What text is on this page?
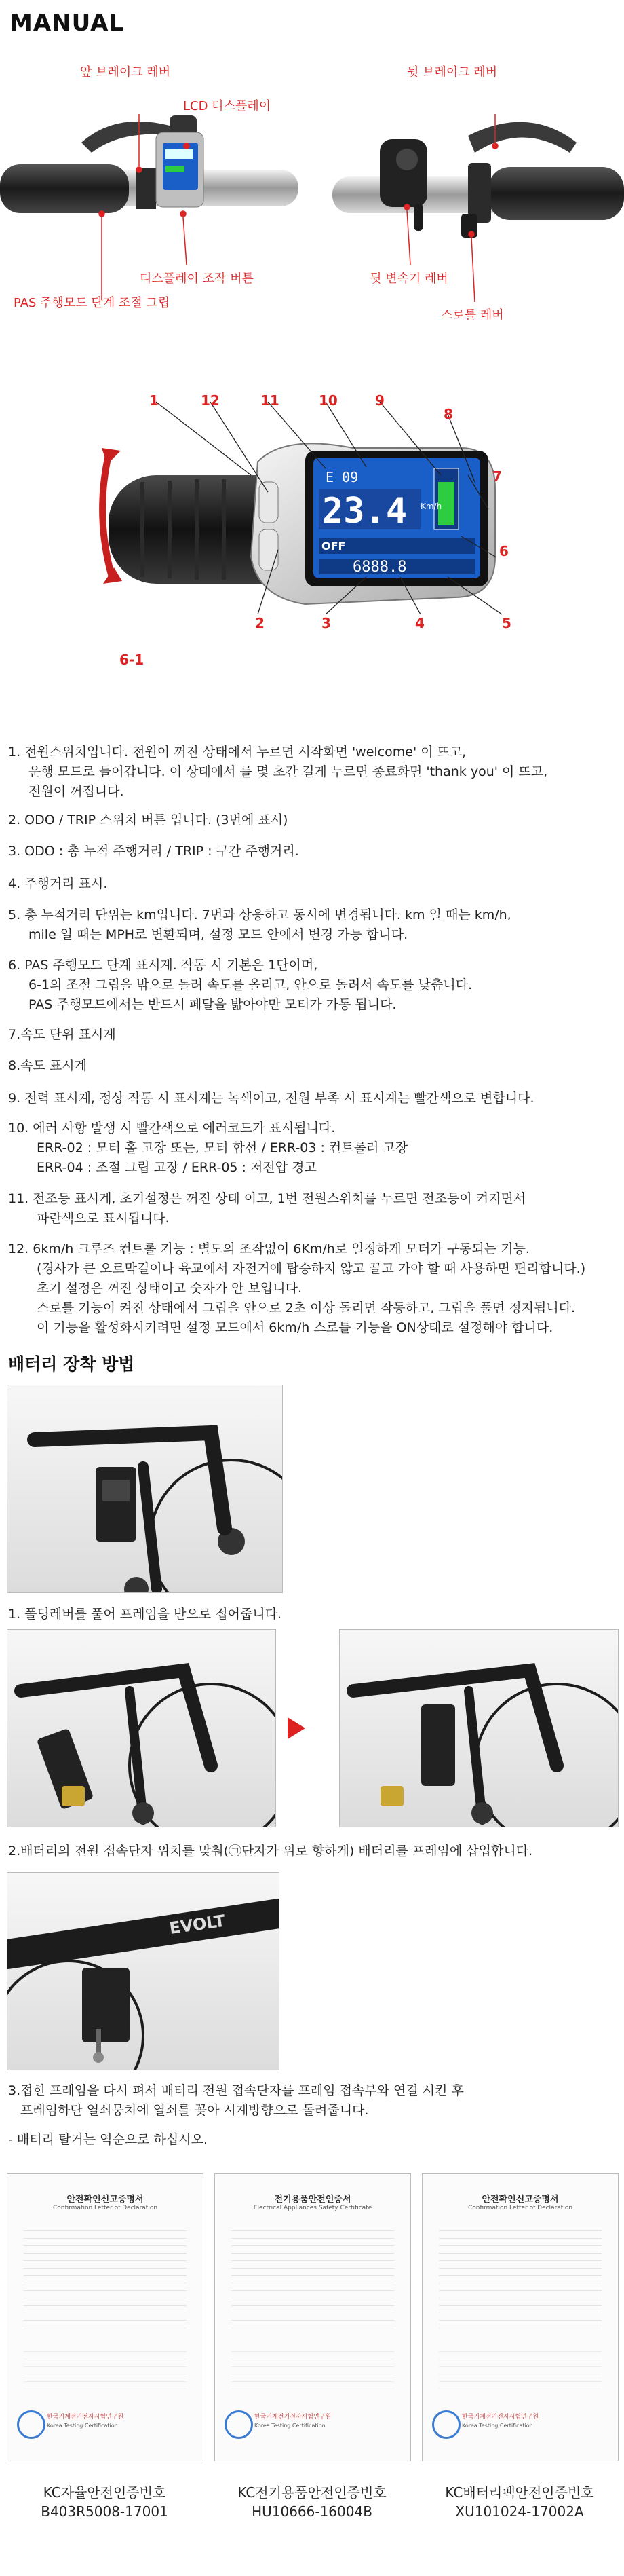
MANUAL
앞 브레이크 레버	뒷 브레이크 레버
LCD 디스플레이
디스플레이 조작 버튼
PAS 주행모드 단계 조절 그립
뒷 변속기 레버
스로틀 레버
E 09
23.4 Km/h
OFF
6888.8
1	12	11	10	9
8
7
6
5
4
3
2
6-1
1. 전원스위치입니다. 전원이 꺼진 상태에서 누르면 시작화면 'welcome' 이 뜨고,
운행 모드로 들어갑니다. 이 상태에서 를 몇 초간 길게 누르면 종료화면 'thank you' 이 뜨고,
전원이 꺼집니다.
2. ODO / TRIP 스위치 버튼 입니다. (3번에 표시)
3. ODO : 총 누적 주행거리 / TRIP : 구간 주행거리.
4. 주행거리 표시.
5. 총 누적거리 단위는 km입니다. 7번과 상응하고 동시에 변경됩니다. km 일 때는 km/h,
mile 일 때는 MPH로 변환되며, 설정 모드 안에서 변경 가능 합니다.
6. PAS 주행모드 단계 표시계. 작동 시 기본은 1단이며,
6-1의 조절 그립을 밖으로 돌려 속도를 올리고, 안으로 돌려서 속도를 낮춥니다.
PAS 주행모드에서는 반드시 페달을 밟아야만 모터가 가동 됩니다.
7.속도 단위 표시계
8.속도 표시계
9. 전력 표시계, 정상 작동 시 표시계는 녹색이고, 전원 부족 시 표시계는 빨간색으로 변합니다.
10. 에러 사항 발생 시 빨간색으로 에러코드가 표시됩니다.
ERR-02 : 모터 홀 고장 또는, 모터 합선 / ERR-03 : 컨트롤러 고장
ERR-04 : 조절 그립 고장 / ERR-05 : 저전압 경고
11. 전조등 표시계, 초기설정은 꺼진 상태 이고, 1번 전원스위치를 누르면 전조등이 켜지면서
파란색으로 표시됩니다.
12. 6km/h 크루즈 컨트롤 기능 : 별도의 조작없이 6Km/h로 일정하게 모터가 구동되는 기능.
(경사가 큰 오르막길이나 육교에서 자전거에 탑승하지 않고 끌고 가야 할 때 사용하면 편리합니다.)
초기 설정은 꺼진 상태이고 숫자가 안 보입니다.
스로틀 기능이 켜진 상태에서 그립을 안으로 2초 이상 돌리면 작동하고, 그립을 풀면 정지됩니다.
이 기능을 활성화시키려면 설정 모드에서 6km/h 스로틀 기능을 ON상태로 설정해야 합니다.
배터리 장착 방법
1. 폴딩레버를 풀어 프레임을 반으로 접어줍니다.
2.배터리의 전원 접속단자 위치를 맞춰(㉠단자가 위로 향하게) 배터리를 프레임에 삽입합니다.
EVOLT
3.접힌 프레임을 다시 펴서 배터리 전원 접속단자를 프레임 접속부와 연결 시킨 후
프레임하단 열쇠뭉치에 열쇠를 꽂아 시계방향으로 돌려줍니다.
- 배터리 탈거는 역순으로 하십시오.
안전확인신고증명서
Confirmation Letter of Declaration
한국기계전기전자시험연구원
Korea Testing Certification
전기용품안전인증서
Electrical Appliances Safety Certificate
한국기계전기전자시험연구원
Korea Testing Certification
안전확인신고증명서
Confirmation Letter of Declaration
한국기계전기전자시험연구원
Korea Testing Certification
KC자율안전인증번호
B403R5008-17001
KC전기용품안전인증번호
HU10666-16004B
KC배터리팩안전인증번호
XU101024-17002A
